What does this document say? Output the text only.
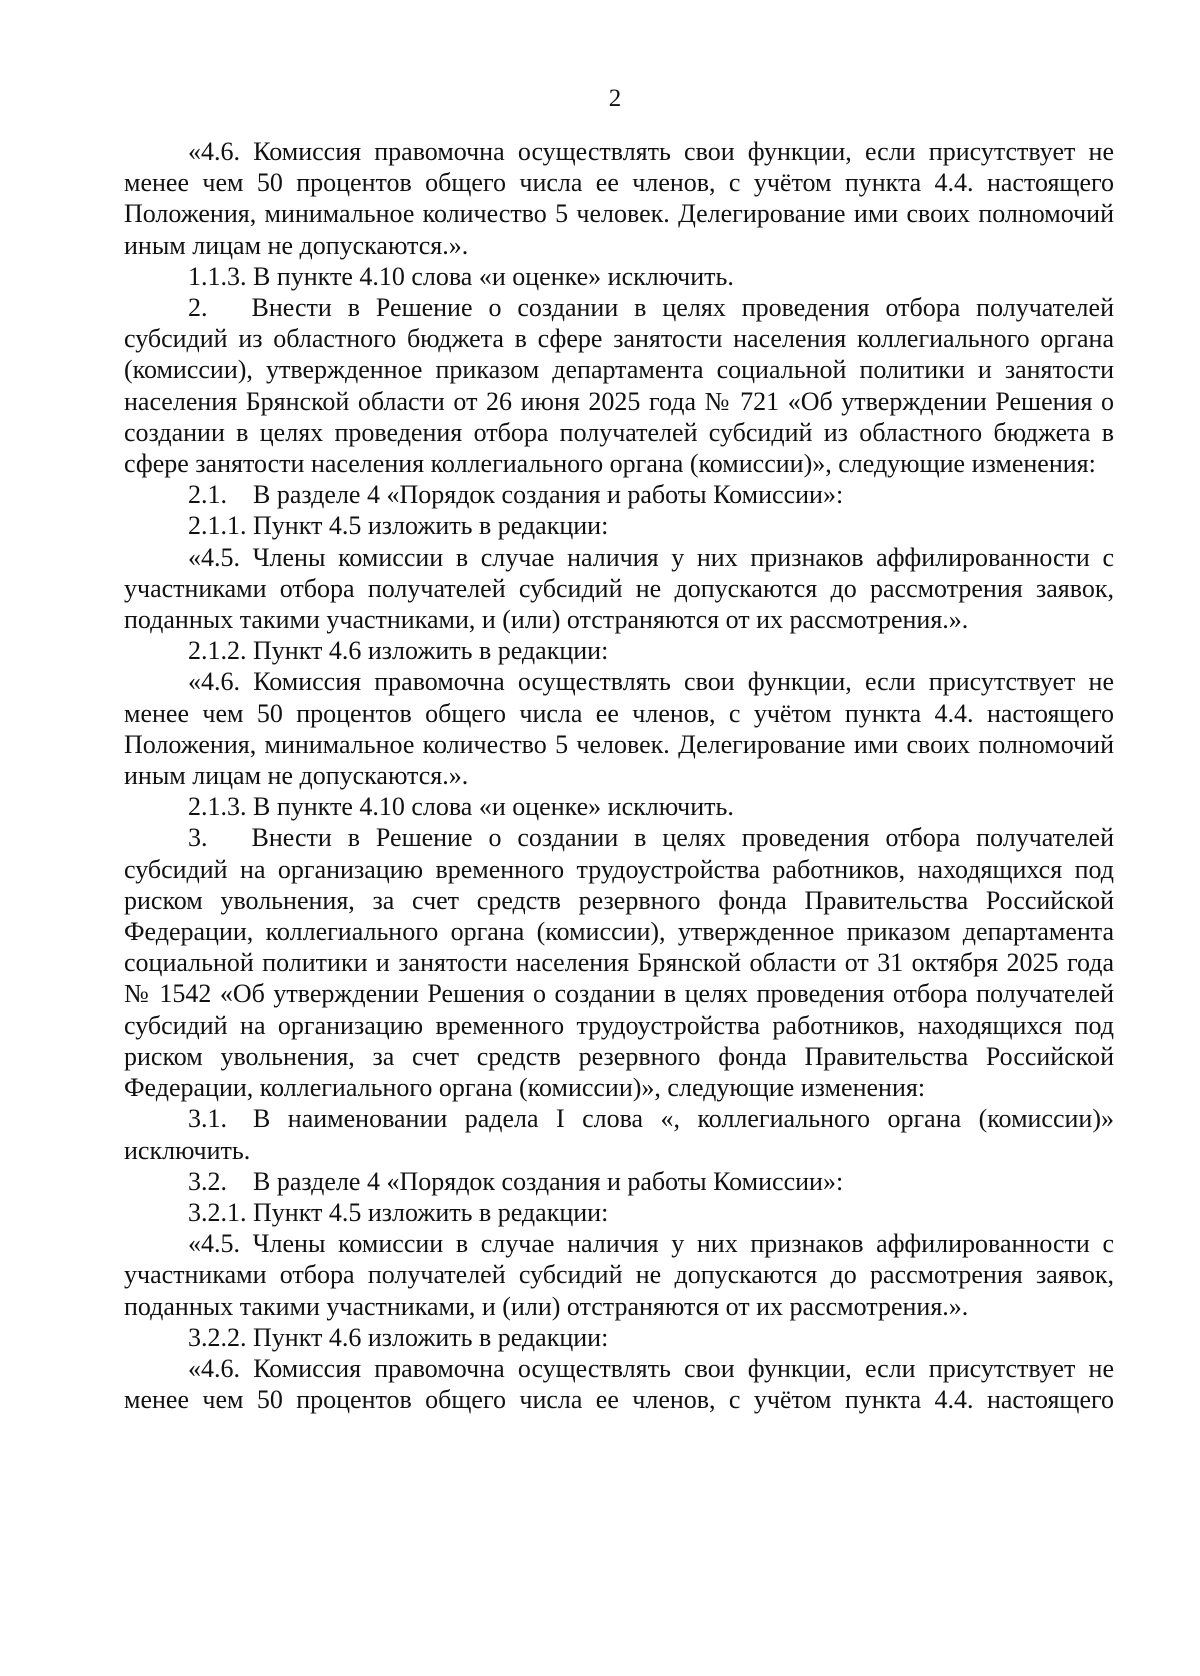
2

«4.6. Комиссия правомочна осуществлять свои функции, если присутствует не менее чем 50 процентов общего числа ее членов, с учётом пункта 4.4. настоящего Положения, минимальное количество 5 человек. Делегирование ими своих полномочий иным лицам не допускаются.».

1.1.3. В пункте 4.10 слова «и оценке» исключить.

2. Внести в Решение о создании в целях проведения отбора получателей субсидий из областного бюджета в сфере занятости населения коллегиального органа (комиссии), утвержденное приказом департамента социальной политики и занятости населения Брянской области от 26 июня 2025 года № 721 «Об утверждении Решения о создании в целях проведения отбора получателей субсидий из областного бюджета в сфере занятости населения коллегиального органа (комиссии)», следующие изменения:

2.1. В разделе 4 «Порядок создания и работы Комиссии»:

2.1.1. Пункт 4.5 изложить в редакции:

«4.5. Члены комиссии в случае наличия у них признаков аффилированности с участниками отбора получателей субсидий не допускаются до рассмотрения заявок, поданных такими участниками, и (или) отстраняются от их рассмотрения.».

2.1.2. Пункт 4.6 изложить в редакции:

«4.6. Комиссия правомочна осуществлять свои функции, если присутствует не менее чем 50 процентов общего числа ее членов, с учётом пункта 4.4. настоящего Положения, минимальное количество 5 человек. Делегирование ими своих полномочий иным лицам не допускаются.».

2.1.3. В пункте 4.10 слова «и оценке» исключить.

3. Внести в Решение о создании в целях проведения отбора получателей субсидий на организацию временного трудоустройства работников, находящихся под риском увольнения, за счет средств резервного фонда Правительства Российской Федерации, коллегиального органа (комиссии), утвержденное приказом департамента социальной политики и занятости населения Брянской области от 31 октября 2025 года № 1542 «Об утверждении Решения о создании в целях проведения отбора получателей субсидий на организацию временного трудоустройства работников, находящихся под риском увольнения, за счет средств резервного фонда Правительства Российской Федерации, коллегиального органа (комиссии)», следующие изменения:

3.1. В наименовании радела I слова «, коллегиального органа (комиссии)» исключить.

3.2. В разделе 4 «Порядок создания и работы Комиссии»:

3.2.1. Пункт 4.5 изложить в редакции:

«4.5. Члены комиссии в случае наличия у них признаков аффилированности с участниками отбора получателей субсидий не допускаются до рассмотрения заявок, поданных такими участниками, и (или) отстраняются от их рассмотрения.».

3.2.2. Пункт 4.6 изложить в редакции:

«4.6. Комиссия правомочна осуществлять свои функции, если присутствует не менее чем 50 процентов общего числа ее членов, с учётом пункта 4.4. настоящего
